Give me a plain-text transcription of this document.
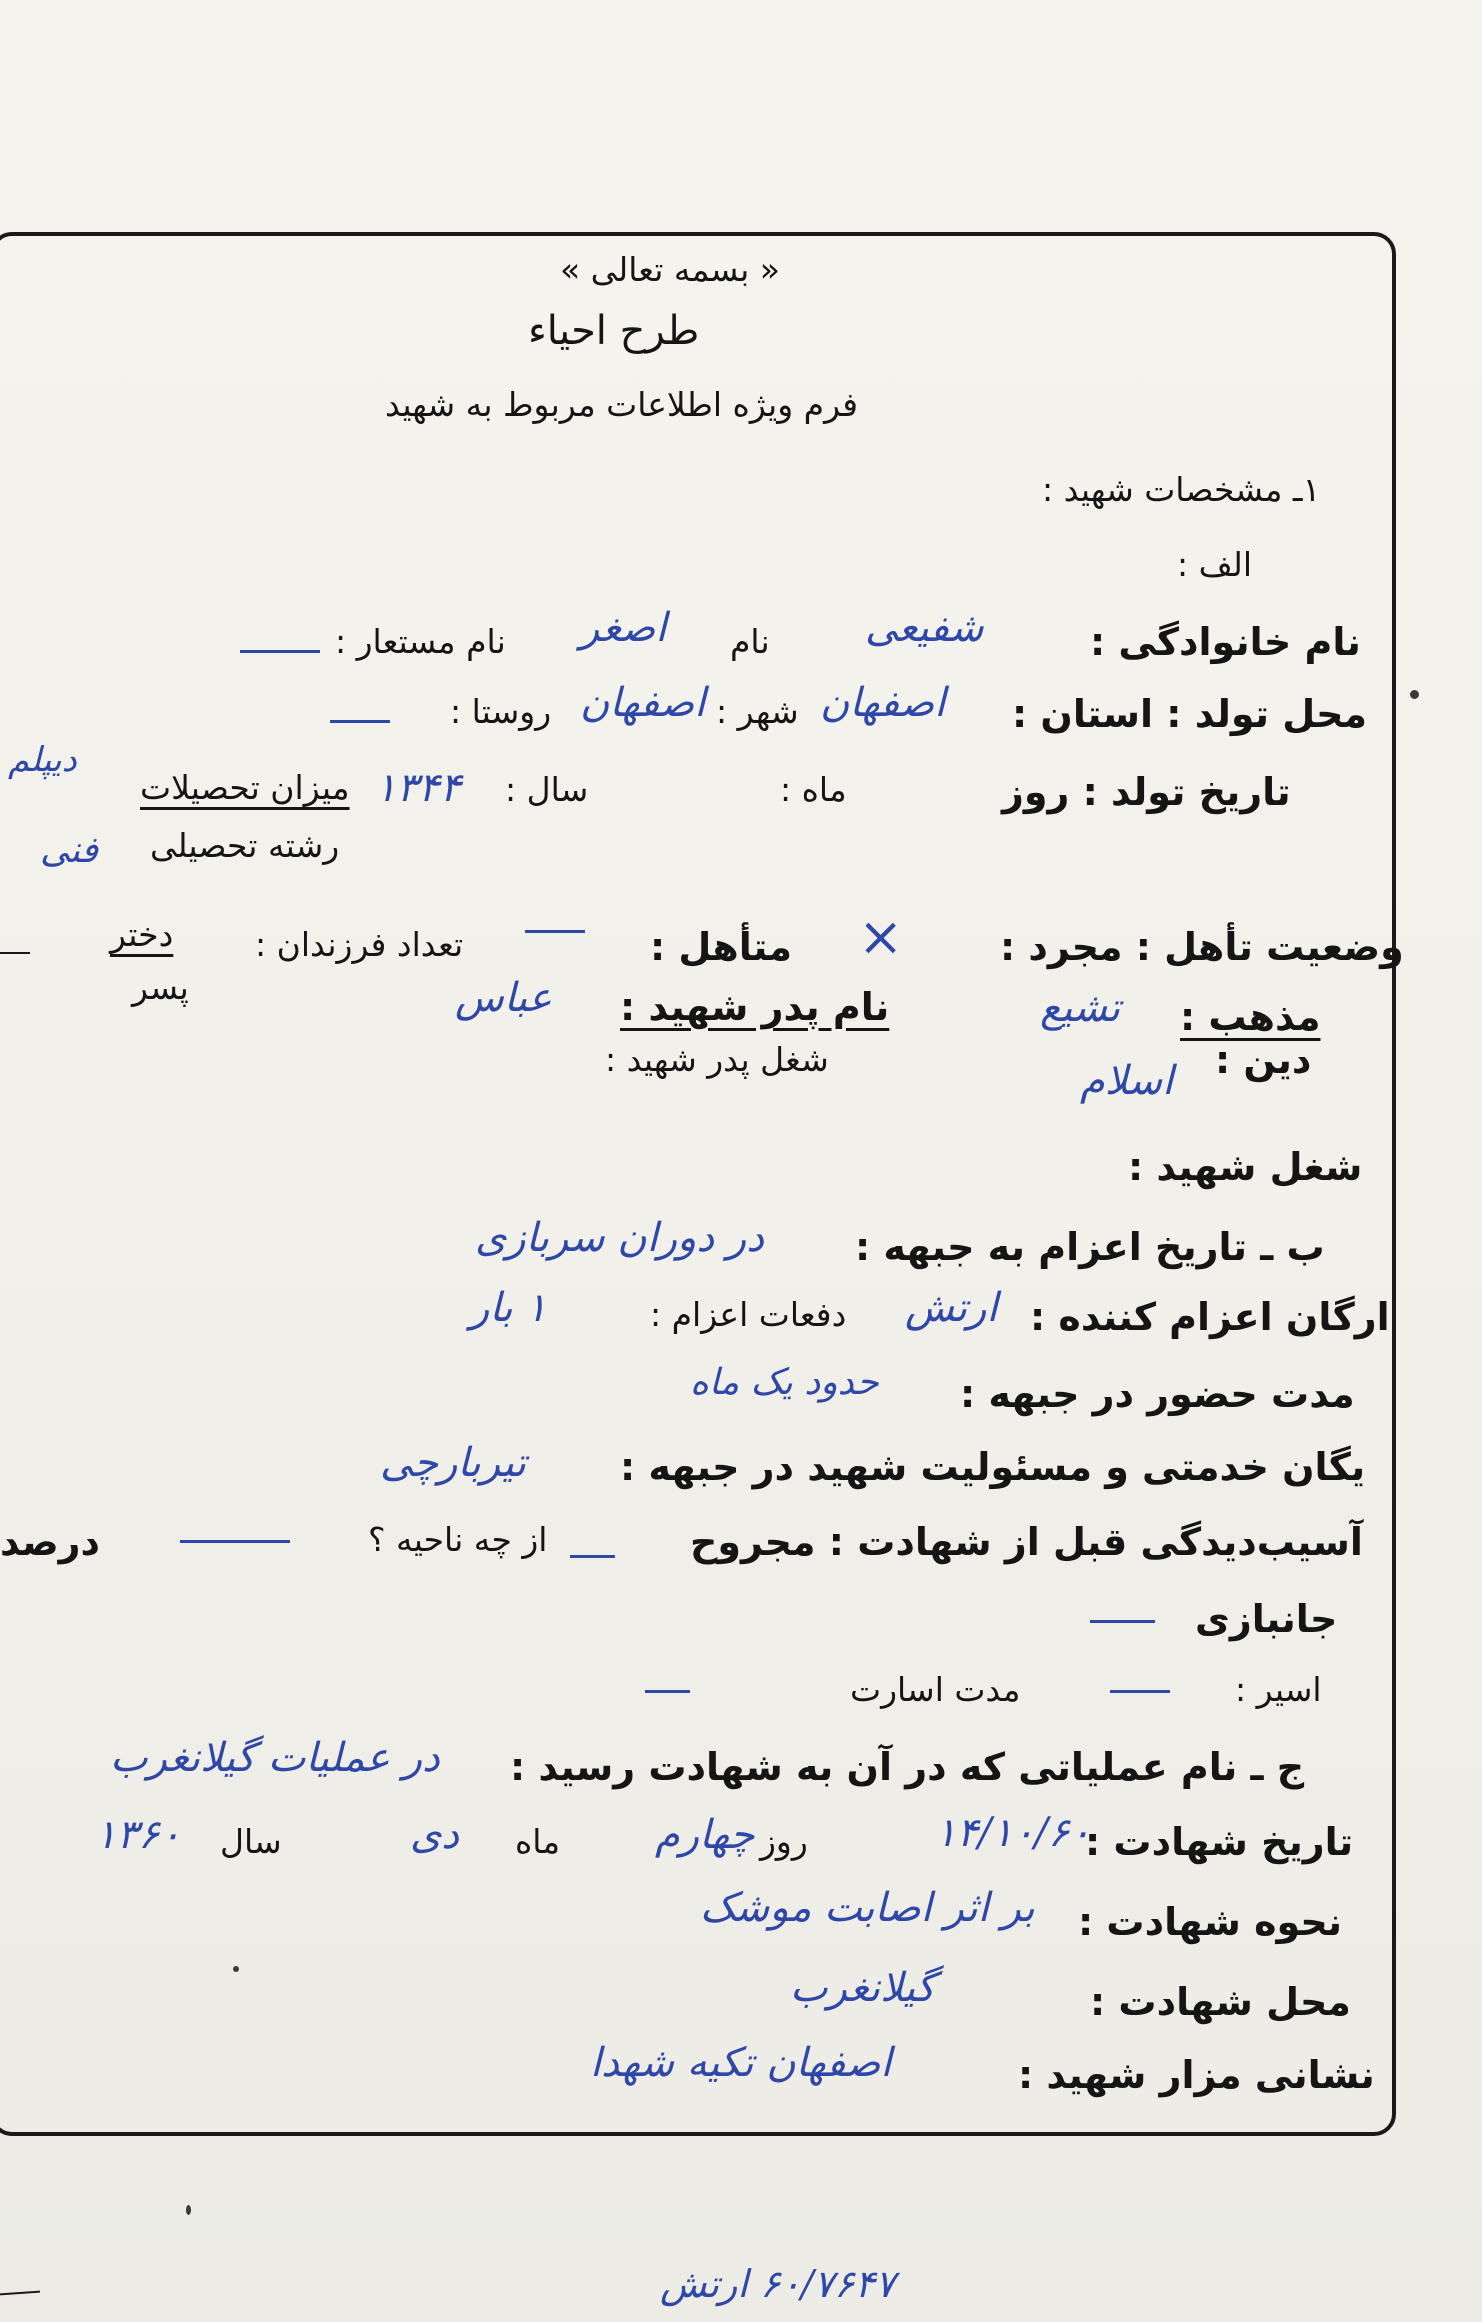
« بسمه تعالی »
طرح احیاء
فرم ویژه اطلاعات مربوط به شهید
۱ـ مشخصات شهید :
الف :
نام خانوادگی :
شفیعی
نام
اصغر
نام مستعار :
محل تولد : استان :
اصفهان
شهر :
اصفهان
روستا :
تاریخ تولد : روز
ماه :
سال :
۱۳۴۴
میزان تحصیلات
دیپلم
رشته تحصیلی
فنی
وضعیت تأهل : مجرد :
×
متأهل :
تعداد فرزندان :
دختر
پسر
مذهب :
تشیع
دین :
اسلام
نام پدر شهید :
عباس
شغل پدر شهید :
شغل شهید :
ب ـ تاریخ اعزام به جبهه :
در دوران سربازی
ارگان اعزام کننده :
ارتش
دفعات اعزام :
۱ بار
مدت حضور در جبهه :
حدود یک ماه
یگان خدمتی و مسئولیت شهید در جبهه :
تیربارچی
آسیب‌دیدگی قبل از شهادت : مجروح
از چه ناحیه ؟
درصد
جانبازی
اسیر :
مدت اسارت
ج ـ نام عملیاتی که در آن به شهادت رسید :
در عملیات گیلانغرب
تاریخ شهادت :
۱۴/۱۰/۶۰
روز
چهارم
ماه
دی
سال
۱۳۶۰
نحوه شهادت :
بر اثر اصابت موشک
محل شهادت :
گیلانغرب
نشانی مزار شهید :
اصفهان تکیه شهدا
۶۰/۷۶۴۷ ارتش
